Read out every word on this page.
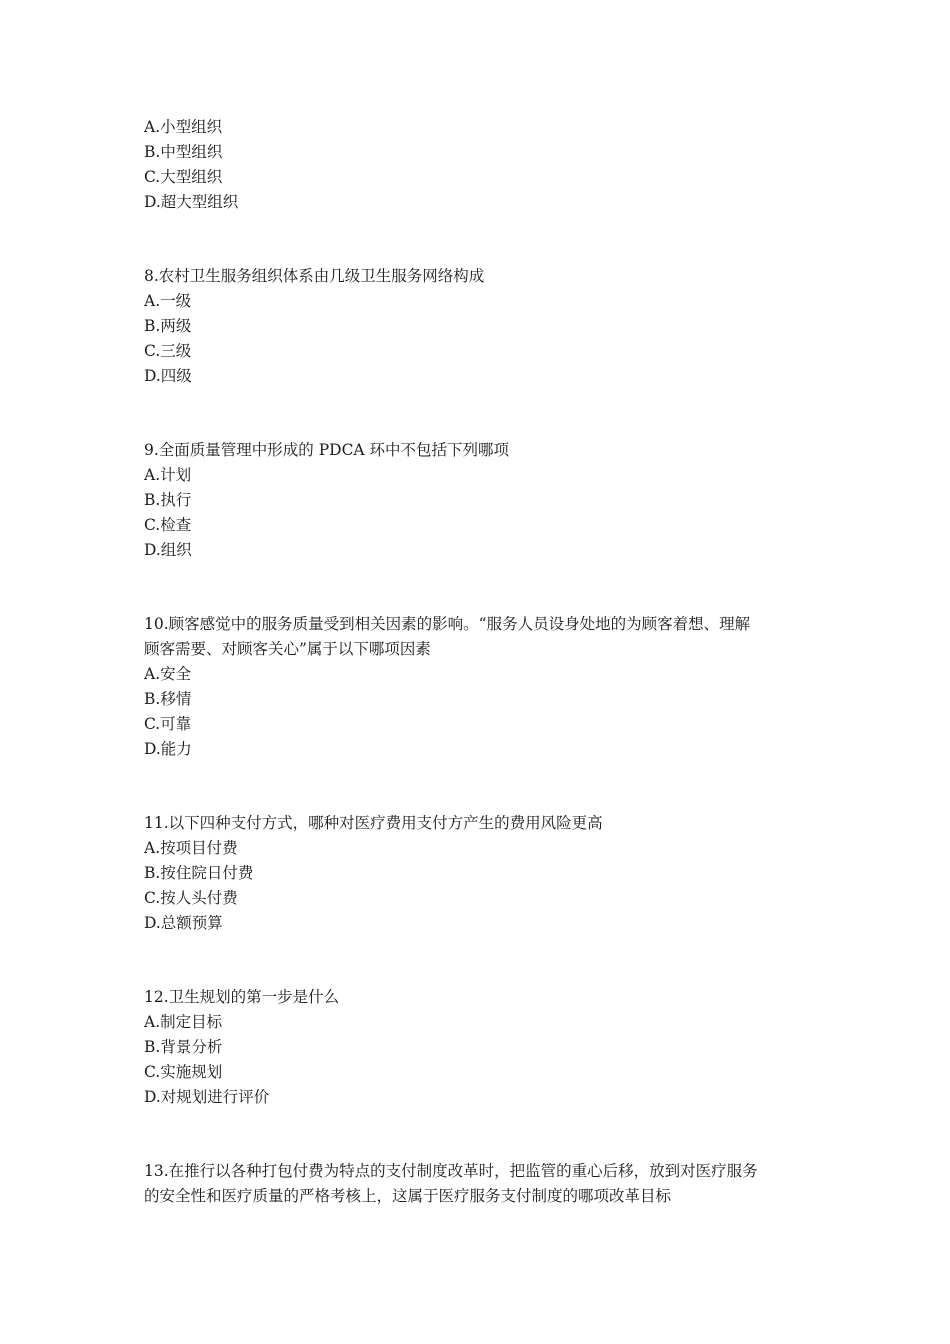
A.小型组织

B.中型组织

C.大型组织

D.超大型组织

8.农村卫生服务组织体系由几级卫生服务网络构成

A.一级

B.两级

C.三级

D.四级

9.全面质量管理中形成的 PDCA 环中不包括下列哪项

A.计划

B.执行

C.检查

D.组织

10.顾客感觉中的服务质量受到相关因素的影响。“服务人员设身处地的为顾客着想、理解

顾客需要、对顾客关心”属于以下哪项因素

A.安全

B.移情

C.可靠

D.能力

11.以下四种支付方式，哪种对医疗费用支付方产生的费用风险更高

A.按项目付费

B.按住院日付费

C.按人头付费

D.总额预算

12.卫生规划的第一步是什么

A.制定目标

B.背景分析

C.实施规划

D.对规划进行评价

13.在推行以各种打包付费为特点的支付制度改革时，把监管的重心后移，放到对医疗服务

的安全性和医疗质量的严格考核上，这属于医疗服务支付制度的哪项改革目标
